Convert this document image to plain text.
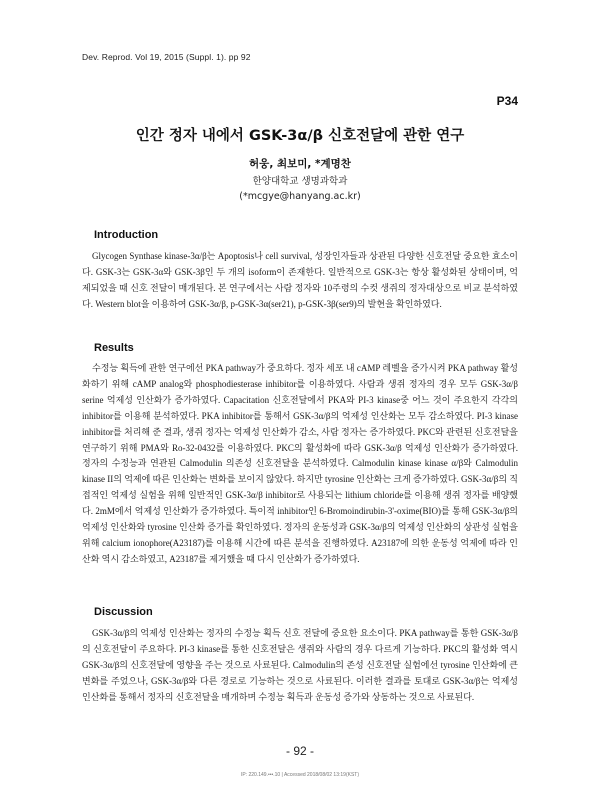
Dev. Reprod. Vol 19, 2015 (Suppl. 1). pp 92
P34
인간 정자 내에서 GSK-3α/β 신호전달에 관한 연구
허웅, 최보미, *계명찬
한양대학교 생명과학과
(*mcgye@hanyang.ac.kr)
Introduction

Glycogen Synthase kinase-3α/β는 Apoptosis나 cell survival, 성장인자들과 상관된 다양한 신호전달 중요한 효소이다. GSK-3는 GSK-3α와 GSK-3β인 두 개의 isoform이 존재한다. 일반적으로 GSK-3는 항상 활성화된 상태이며, 억제되었을 때 신호 전달이 매개된다. 본 연구에서는 사람 정자와 10주령의 수컷 생쥐의 정자대상으로 비교 분석하였다. Western blot을 이용하여 GSK-3α/β, p-GSK-3α(ser21), p-GSK-3β(ser9)의 발현을 확인하였다.

Results

수정능 획득에 관한 연구에선 PKA pathway가 중요하다. 정자 세포 내 cAMP 레벨을 증가시켜 PKA pathway 활성화하기 위해 cAMP analog와 phosphodiesterase inhibitor를 이용하였다. 사람과 생쥐 정자의 경우 모두 GSK-3α/β serine 억제성 인산화가 증가하였다. Capacitation 신호전달에서 PKA와 PI-3 kinase중 어느 것이 주요한지 각각의 inhibitor를 이용해 분석하였다. PKA inhibitor를 통해서 GSK-3α/β의 억제성 인산화는 모두 감소하였다. PI-3 kinase inhibitor를 처리해 준 결과, 생쥐 정자는 억제성 인산화가 감소, 사람 정자는 증가하였다. PKC와 관련된 신호전달을 연구하기 위해 PMA와 Ro-32-0432를 이용하였다. PKC의 활성화에 따라 GSK-3α/β 억제성 인산화가 증가하였다. 정자의 수정능과 연관된 Calmodulin 의존성 신호전달을 분석하였다. Calmodulin kinase kinase α/β와 Calmodulin kinase II의 억제에 따른 인산화는 변화를 보이지 않았다. 하지만 tyrosine 인산화는 크게 증가하였다. GSK-3α/β의 직접적인 억제성 실험을 위해 일반적인 GSK-3α/β inhibitor로 사용되는 lithium chloride를 이용해 생쥐 정자를 배양했다. 2mM에서 억제성 인산화가 증가하였다. 특이적 inhibitor인 6-Bromoindirubin-3'-oxime(BIO)를 통해 GSK-3α/β의 억제성 인산화와 tyrosine 인산화 증가를 확인하였다. 정자의 운동성과 GSK-3α/β의 억제성 인산화의 상관성 실험을 위해 calcium ionophore(A23187)를 이용해 시간에 따른 분석을 진행하였다. A23187에 의한 운동성 억제에 따라 인산화 역시 감소하였고, A23187를 제거했을 때 다시 인산화가 증가하였다.

Discussion

GSK-3α/β의 억제성 인산화는 정자의 수정능 획득 신호 전달에 중요한 요소이다. PKA pathway를 통한 GSK-3α/β의 신호전달이 주요하다. PI-3 kinase를 통한 신호전달은 생쥐와 사람의 경우 다르게 기능하다. PKC의 활성화 역시 GSK-3α/β의 신호전달에 영향을 주는 것으로 사료된다. Calmodulin의 존성 신호전달 실험에선 tyrosine 인산화에 큰 변화를 주었으나, GSK-3α/β와 다른 경로로 기능하는 것으로 사료된다. 이러한 결과를 토대로 GSK-3α/β는 억제성 인산화를 통해서 정자의 신호전달을 매개하며 수정능 획득과 운동성 증가와 상동하는 것으로 사료된다.

- 92 -
IP: 220.149.•••.10 | Accessed 2018/08/02 13:19(KST)
